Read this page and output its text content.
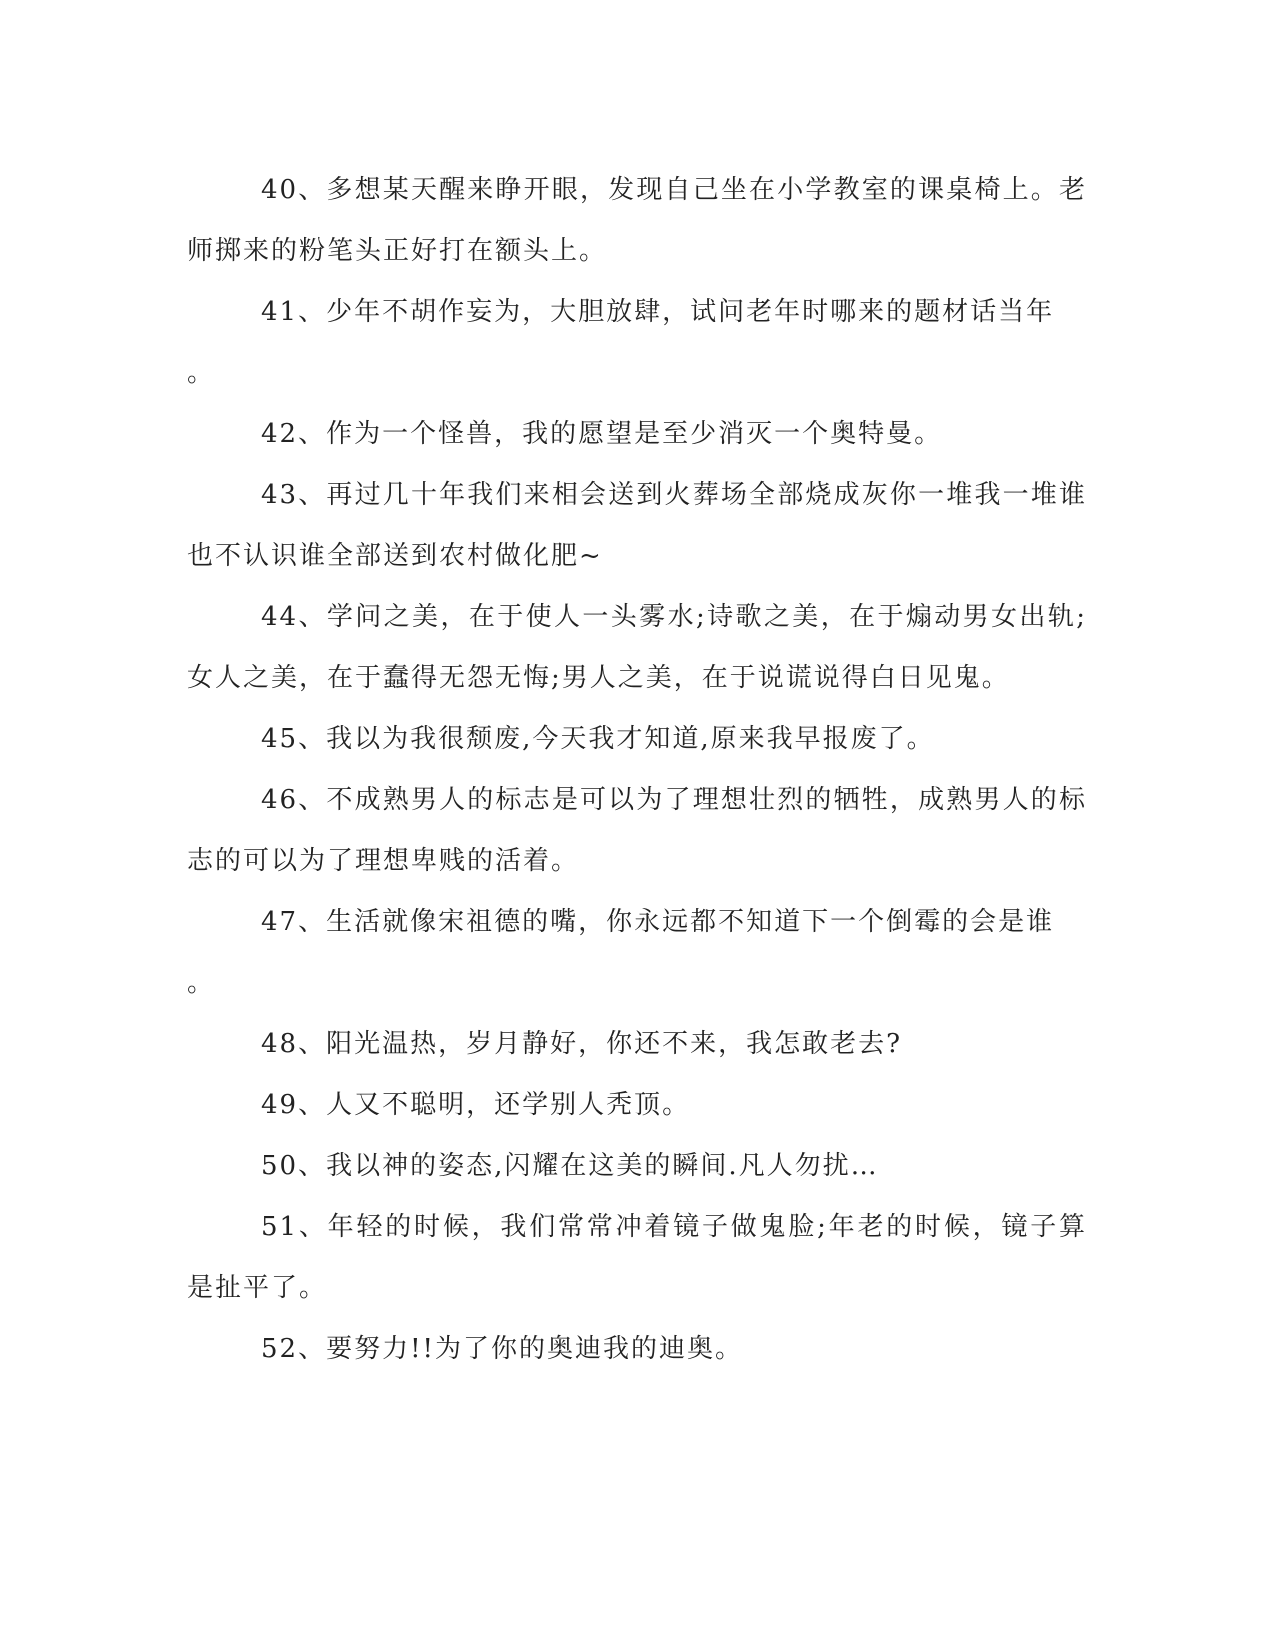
40、多想某天醒来睁开眼，发现自己坐在小学教室的课桌椅上。老师掷来的粉笔头正好打在额头上。

41、少年不胡作妄为，大胆放肆，试问老年时哪来的题材话当年
。

42、作为一个怪兽，我的愿望是至少消灭一个奥特曼。

43、再过几十年我们来相会送到火葬场全部烧成灰你一堆我一堆谁也不认识谁全部送到农村做化肥~

44、学问之美，在于使人一头雾水;诗歌之美，在于煽动男女出轨;女人之美，在于蠢得无怨无悔;男人之美，在于说谎说得白日见鬼。

45、我以为我很颓废,今天我才知道,原来我早报废了。

46、不成熟男人的标志是可以为了理想壮烈的牺牲，成熟男人的标志的可以为了理想卑贱的活着。

47、生活就像宋祖德的嘴，你永远都不知道下一个倒霉的会是谁
。

48、阳光温热，岁月静好，你还不来，我怎敢老去?

49、人又不聪明，还学别人秃顶。

50、我以神的姿态,闪耀在这美的瞬间.凡人勿扰…

51、年轻的时候，我们常常冲着镜子做鬼脸;年老的时候，镜子算是扯平了。

52、要努力!!为了你的奥迪我的迪奥。
